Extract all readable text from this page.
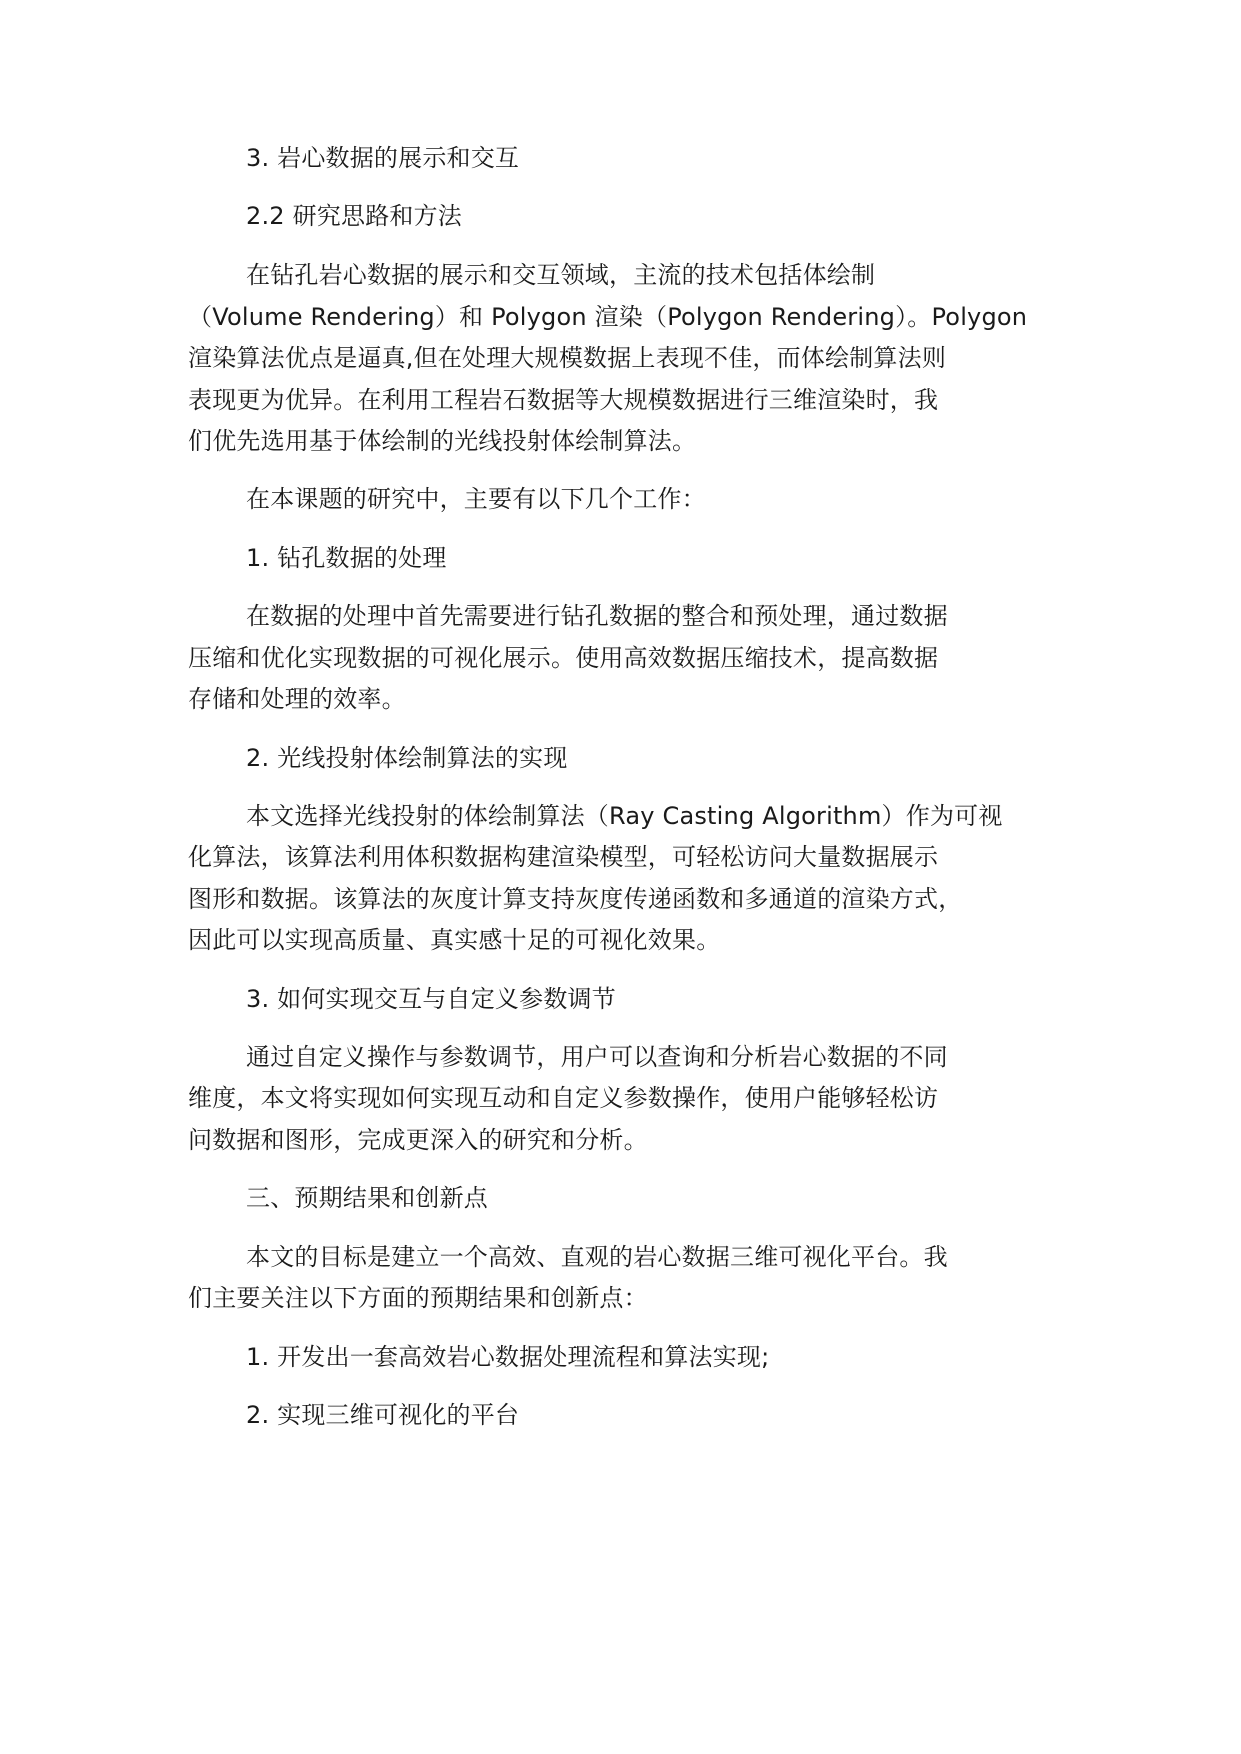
3. 岩心数据的展示和交互
2.2 研究思路和方法
在钻孔岩心数据的展示和交互领域，主流的技术包括体绘制
（Volume Rendering）和 Polygon 渲染（Polygon Rendering）。Polygon
渲染算法优点是逼真,但在处理大规模数据上表现不佳，而体绘制算法则
表现更为优异。在利用工程岩石数据等大规模数据进行三维渲染时，我
们优先选用基于体绘制的光线投射体绘制算法。
在本课题的研究中，主要有以下几个工作：
1. 钻孔数据的处理
在数据的处理中首先需要进行钻孔数据的整合和预处理，通过数据
压缩和优化实现数据的可视化展示。使用高效数据压缩技术，提高数据
存储和处理的效率。
2. 光线投射体绘制算法的实现
本文选择光线投射的体绘制算法（Ray Casting Algorithm）作为可视
化算法，该算法利用体积数据构建渲染模型，可轻松访问大量数据展示
图形和数据。该算法的灰度计算支持灰度传递函数和多通道的渲染方式，
因此可以实现高质量、真实感十足的可视化效果。
3. 如何实现交互与自定义参数调节
通过自定义操作与参数调节，用户可以查询和分析岩心数据的不同
维度，本文将实现如何实现互动和自定义参数操作，使用户能够轻松访
问数据和图形，完成更深入的研究和分析。
三、预期结果和创新点
本文的目标是建立一个高效、直观的岩心数据三维可视化平台。我
们主要关注以下方面的预期结果和创新点：
1. 开发出一套高效岩心数据处理流程和算法实现;
2. 实现三维可视化的平台
